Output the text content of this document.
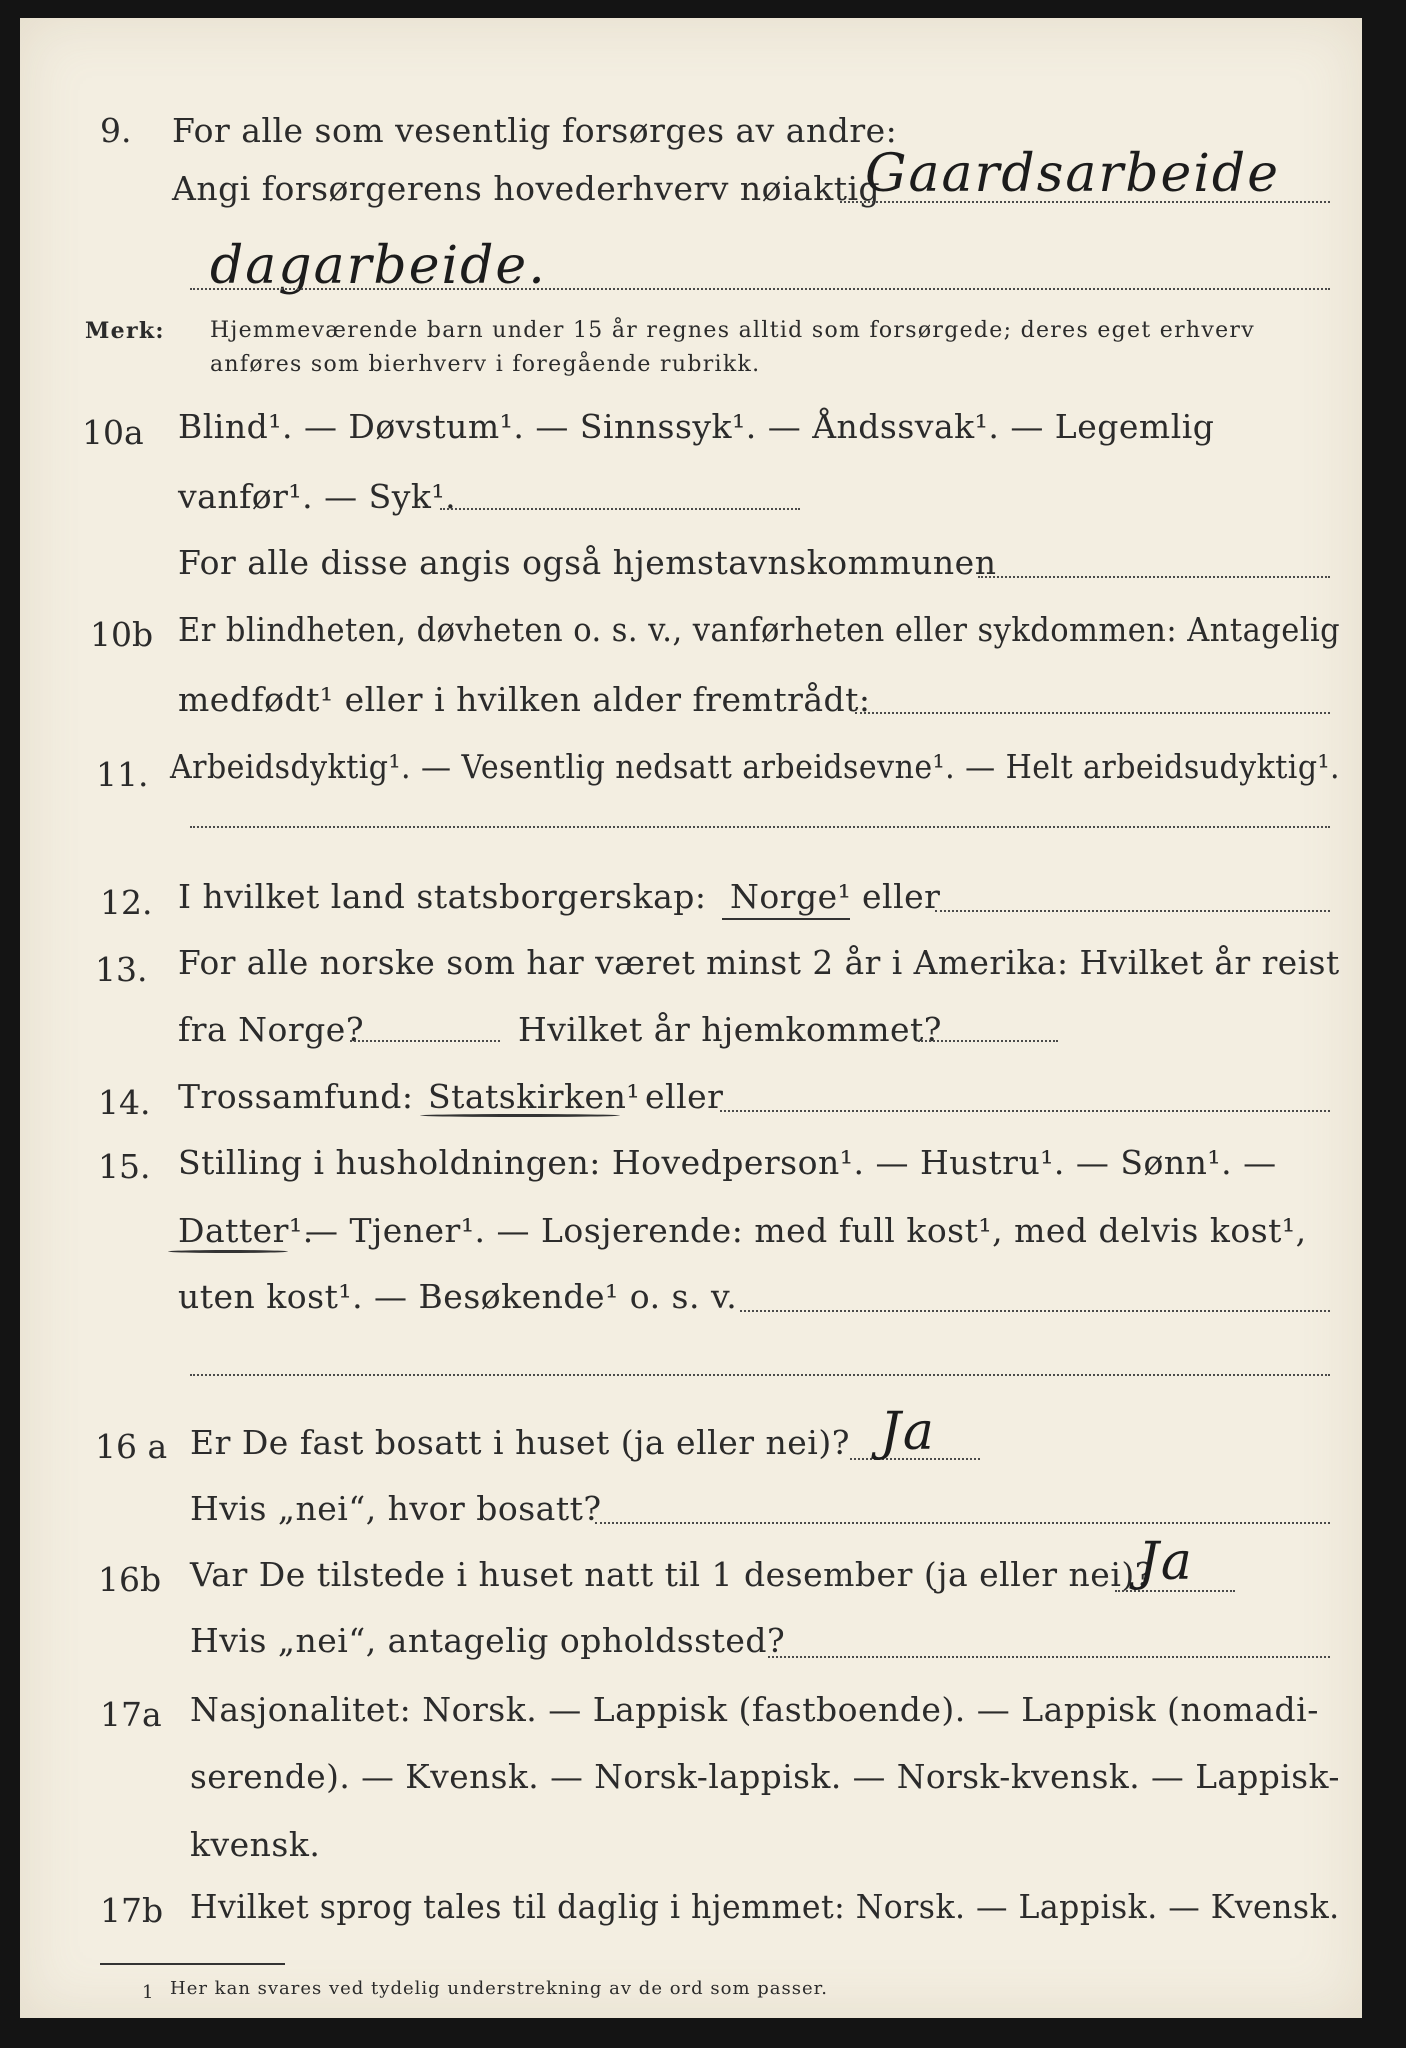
9. For alle som vesentlig forsørges av andre:
Angi forsørgerens hovederhverv nøiaktig
Gaardsarbeide
dagarbeide.
Merk: Hjemmeværende barn under 15 år regnes alltid som forsørgede; deres eget erhverv
anføres som bierhverv i foregående rubrikk.
10a Blind¹. — Døvstum¹. — Sinnssyk¹. — Åndssvak¹. — Legemlig
vanfør¹. — Syk¹.
For alle disse angis også hjemstavnskommunen
10b Er blindheten, døvheten o. s. v., vanførheten eller sykdommen: Antagelig
medfødt¹ eller i hvilken alder fremtrådt:
11. Arbeidsdyktig¹. — Vesentlig nedsatt arbeidsevne¹. — Helt arbeidsudyktig¹.
12. I hvilket land statsborgerskap: Norge¹ eller
13. For alle norske som har været minst 2 år i Amerika: Hvilket år reist
fra Norge?	Hvilket år hjemkommet?
14. Trossamfund: Statskirken¹ eller
15. Stilling i husholdningen: Hovedperson¹. — Hustru¹. — Sønn¹. —
Datter¹.
— Tjener¹. — Losjerende: med full kost¹, med delvis kost¹,
uten kost¹. — Besøkende¹ o. s. v.
16 a Er De fast bosatt i huset (ja eller nei)? Ja
Hvis „nei“, hvor bosatt?
16b Var De tilstede i huset natt til 1 desember (ja eller nei)?
Ja
Hvis „nei“, antagelig opholdssted?
17a Nasjonalitet: Norsk. — Lappisk (fastboende). — Lappisk (nomadi-
serende). — Kvensk. — Norsk-lappisk. — Norsk-kvensk. — Lappisk-
kvensk.
17b Hvilket sprog tales til daglig i hjemmet: Norsk. — Lappisk. — Kvensk.
1 Her kan svares ved tydelig understrekning av de ord som passer.
